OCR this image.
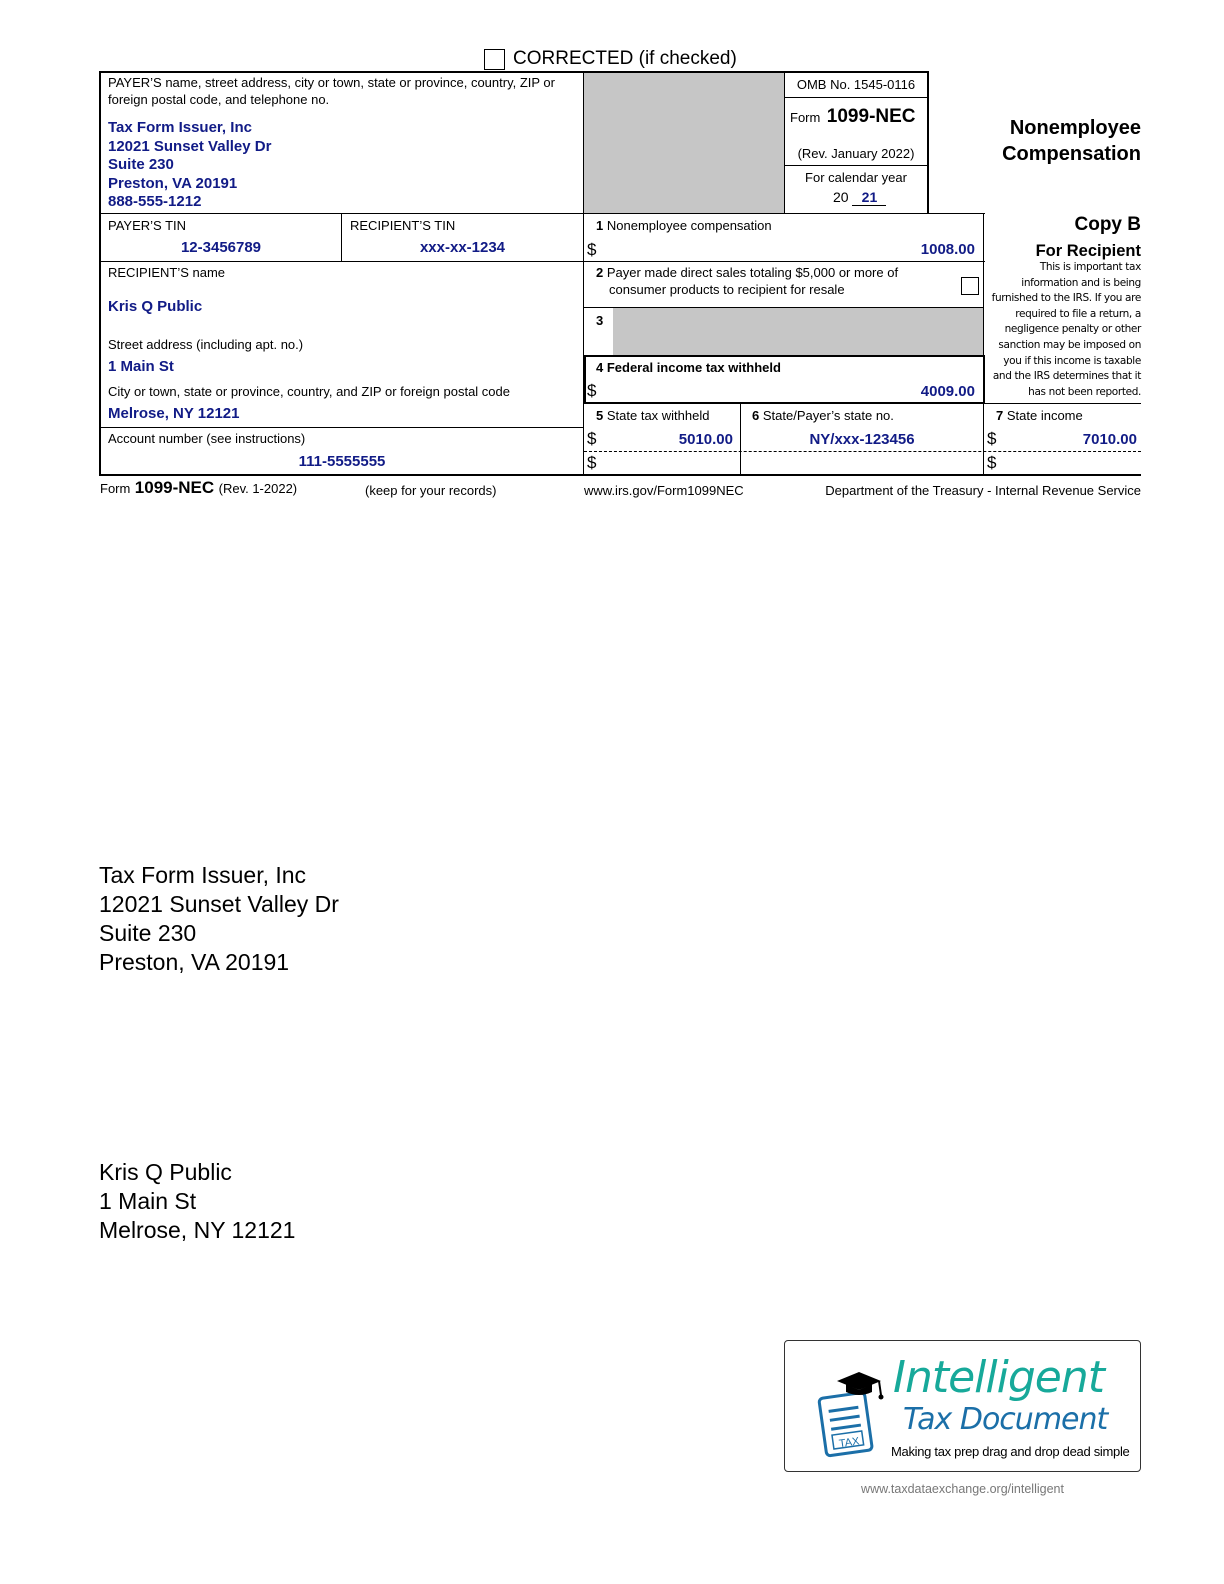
CORRECTED (if checked)
PAYER’S name, street address, city or town, state or province, country, ZIP or foreign postal code, and telephone no.
Tax Form Issuer, Inc
12021 Sunset Valley Dr
Suite 230
Preston, VA 20191
888-555-1212
OMB No. 1545-0116
Form 1099-NEC
(Rev. January 2022)
For calendar year
20 21
Nonemployee
Compensation
Copy B
For Recipient
This is important tax
information and is being
furnished to the IRS. If you are
required to file a return, a
negligence penalty or other
sanction may be imposed on
you if this income is taxable
and the IRS determines that it
has not been reported.
PAYER’S TIN
12-3456789
RECIPIENT’S TIN
xxx-xx-1234
1 Nonemployee compensation
$	1008.00
2 Payer made direct sales totaling $5,000 or more of
consumer products to recipient for resale
3
4 Federal income tax withheld
$	4009.00
RECIPIENT’S name
Kris Q Public
Street address (including apt. no.)
1 Main St
City or town, state or province, country, and ZIP or foreign postal code
Melrose, NY 12121
Account number (see instructions)
111-5555555
5 State tax withheld
$	5010.00
$
6 State/Payer’s state no.
NY/xxx-123456
7 State income
$	7010.00
$
Form 1099-NEC (Rev. 1-2022)	(keep for your records)	www.irs.gov/Form1099NEC	Department of the Treasury - Internal Revenue Service
Tax Form Issuer, Inc
12021 Sunset Valley Dr
Suite 230
Preston, VA 20191
Kris Q Public
1 Main St
Melrose, NY 12121
TAX
Intelligent
Tax Document
Making tax prep drag and drop dead simple
www.taxdataexchange.org/intelligent
